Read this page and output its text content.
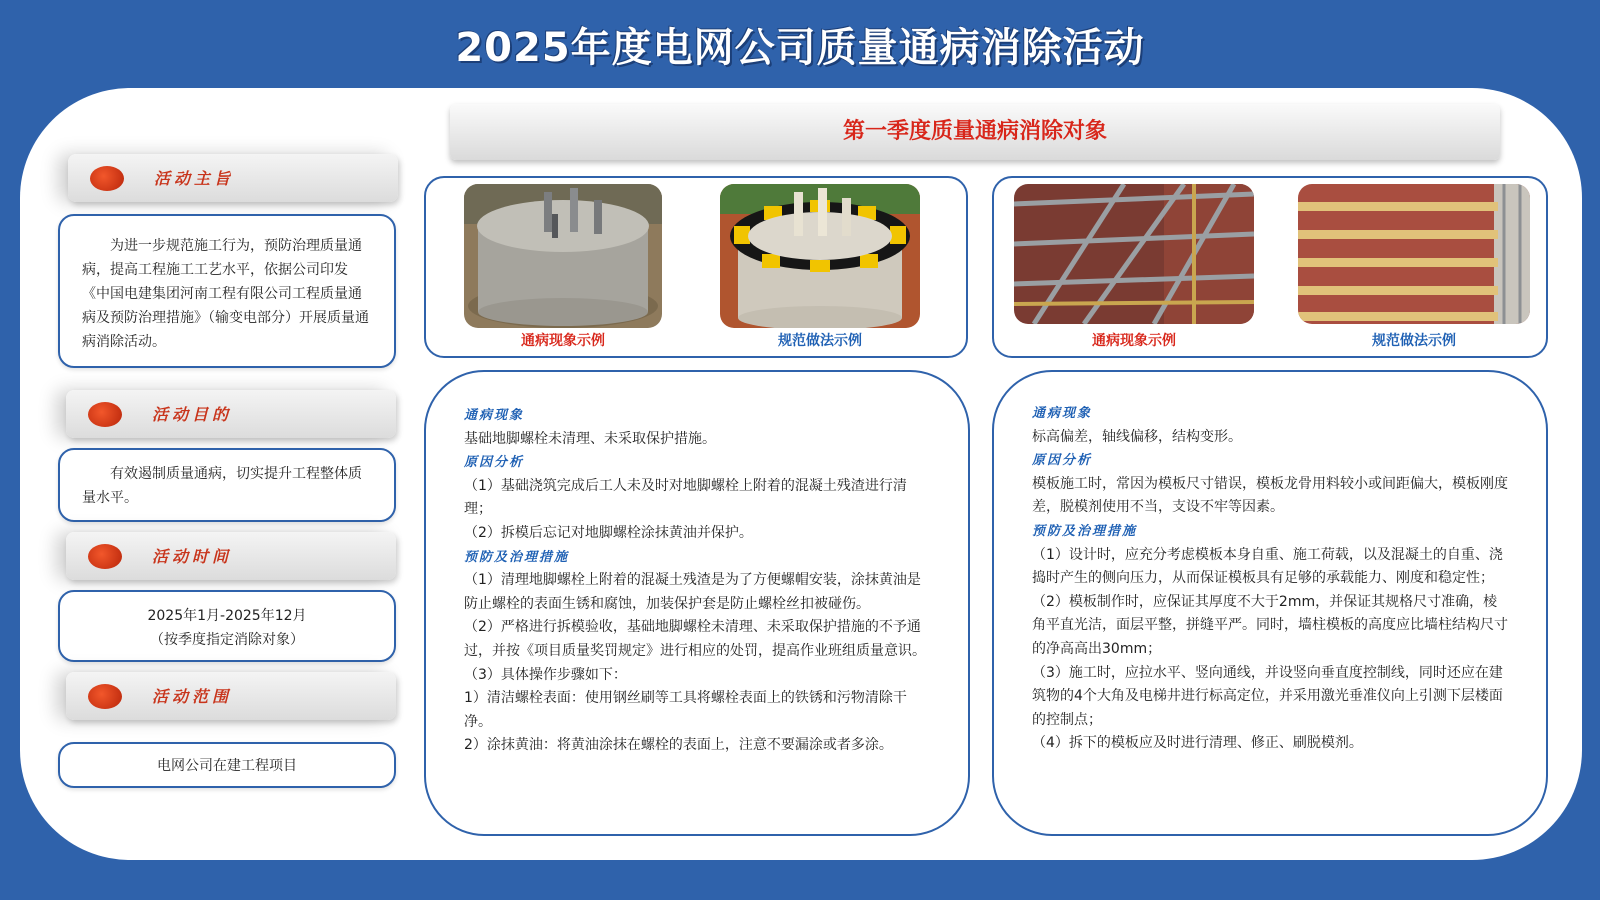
2025年度电网公司质量通病消除活动
活动主旨

为进一步规范施工行为，预防治理质量通病，提高工程施工工艺水平，依据公司印发《中国电建集团河南工程有限公司工程质量通病及预防治理措施》（输变电部分）开展质量通病消除活动。

活动目的

有效遏制质量通病，切实提升工程整体质量水平。

活动时间
2025年1月-2025年12月
（按季度指定消除对象）
活动范围
电网公司在建工程项目
第一季度质量通病消除对象
通病现象示例	规范做法示例	通病现象示例	规范做法示例
通病现象
基础地脚螺栓未清理、未采取保护措施。
原因分析
（1）基础浇筑完成后工人未及时对地脚螺栓上附着的混凝土残渣进行清理；
（2）拆模后忘记对地脚螺栓涂抹黄油并保护。
预防及治理措施
（1）清理地脚螺栓上附着的混凝土残渣是为了方便螺帽安装，涂抹黄油是防止螺栓的表面生锈和腐蚀，加装保护套是防止螺栓丝扣被碰伤。
（2）严格进行拆模验收，基础地脚螺栓未清理、未采取保护措施的不予通过，并按《项目质量奖罚规定》进行相应的处罚，提高作业班组质量意识。
（3）具体操作步骤如下：
1）清洁螺栓表面：使用钢丝刷等工具将螺栓表面上的铁锈和污物清除干净。
2）涂抹黄油：将黄油涂抹在螺栓的表面上，注意不要漏涂或者多涂。
通病现象
标高偏差，轴线偏移，结构变形。
原因分析
模板施工时，常因为模板尺寸错误，模板龙骨用料较小或间距偏大，模板刚度差，脱模剂使用不当，支设不牢等因素。
预防及治理措施
（1）设计时，应充分考虑模板本身自重、施工荷载，以及混凝土的自重、浇捣时产生的侧向压力，从而保证模板具有足够的承载能力、刚度和稳定性；
（2）模板制作时，应保证其厚度不大于2mm，并保证其规格尺寸准确，棱角平直光洁，面层平整，拼缝平严。同时，墙柱模板的高度应比墙柱结构尺寸的净高高出30mm；
（3）施工时，应拉水平、竖向通线，并设竖向垂直度控制线，同时还应在建筑物的4个大角及电梯井进行标高定位，并采用激光垂准仪向上引测下层楼面的控制点；
（4）拆下的模板应及时进行清理、修正、刷脱模剂。
